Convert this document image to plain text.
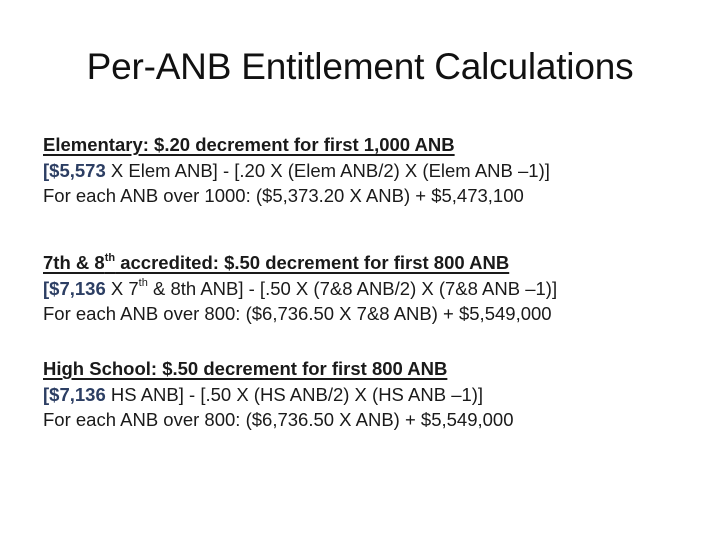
Per-ANB Entitlement Calculations
Elementary: $.20 decrement for first 1,000 ANB
[$5,573 X Elem ANB] - [.20 X (Elem ANB/2) X (Elem ANB –1)]
For each ANB over 1000: ($5,373.20 X ANB) + $5,473,100
7th & 8th accredited: $.50 decrement for first 800 ANB
[$7,136 X 7th & 8th ANB] - [.50 X (7&8 ANB/2) X (7&8 ANB –1)]
For each ANB over 800: ($6,736.50 X 7&8 ANB) + $5,549,000
High School: $.50 decrement for first 800 ANB
[$7,136 HS ANB] - [.50 X (HS ANB/2) X (HS ANB –1)]
For each ANB over 800: ($6,736.50 X ANB) + $5,549,000
